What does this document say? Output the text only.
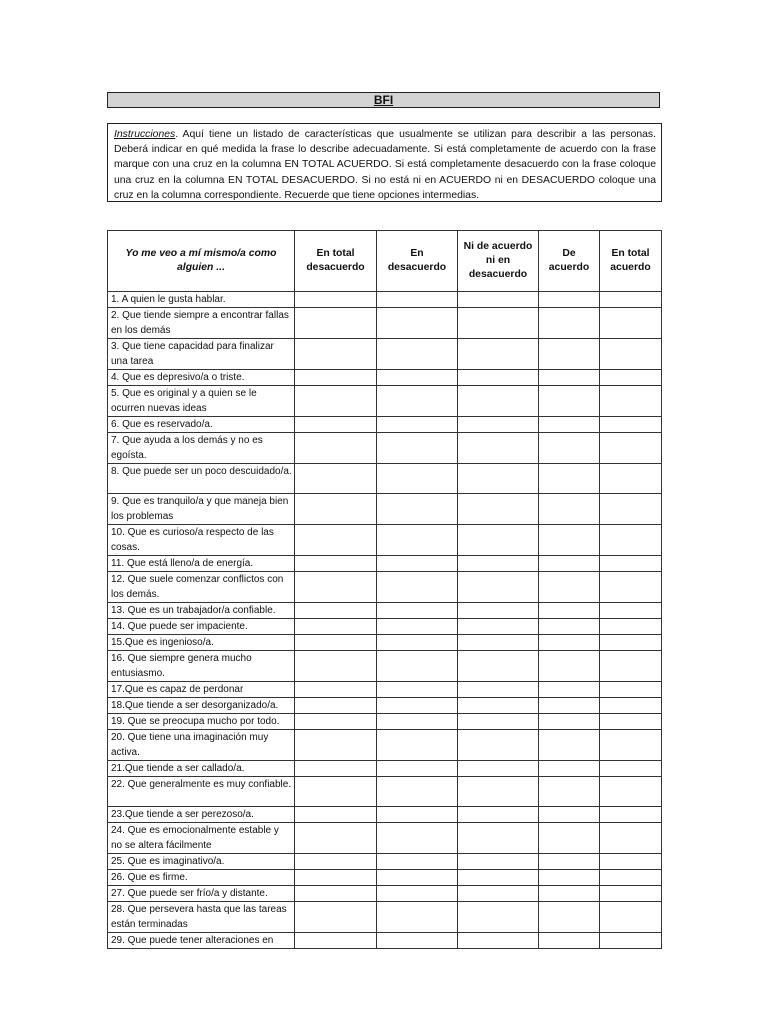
BFI
Instrucciones. Aquí tiene un listado de características que usualmente se utilizan para describir a las personas. Deberá indicar en qué medida la frase lo describe adecuadamente. Si está completamente de acuerdo con la frase marque con una cruz en la columna EN TOTAL ACUERDO. Si está completamente desacuerdo con la frase coloque una cruz en la columna EN TOTAL DESACUERDO. Si no está ni en ACUERDO ni en DESACUERDO coloque una cruz en la columna correspondiente. Recuerde que tiene opciones intermedias.
Yo me veo a mí mismo/a como alguien ...	En total desacuerdo	En desacuerdo	Ni de acuerdo ni en desacuerdo	De acuerdo	En total acuerdo
1. A quien le gusta hablar.					
2. Que tiende siempre a encontrar fallas en los demás					
3. Que tiene capacidad para finalizar una tarea					
4. Que es depresivo/a o triste.					
5. Que es original y a quien se le ocurren nuevas ideas					
6. Que es reservado/a.					
7. Que ayuda a los demás y no es egoísta.					
8. Que puede ser un poco descuidado/a.					
9. Que es tranquilo/a y que maneja bien los problemas					
10. Que es curioso/a respecto de las cosas.					
11. Que está lleno/a de energía.					
12. Que suele comenzar conflictos con los demás.					
13. Que es un trabajador/a confiable.					
14. Que puede ser impaciente.					
15.Que es ingenioso/a.					
16. Que siempre genera mucho entusiasmo.					
17.Que es capaz de perdonar					
18.Que tiende a ser desorganizado/a.					
19. Que se preocupa mucho por todo.					
20. Que tiene una imaginación muy activa.					
21.Que tiende a ser callado/a.					
22. Que generalmente es muy confiable.					
23.Que tiende a ser perezoso/a.					
24. Que es emocionalmente estable y no se altera fácilmente					
25. Que es imaginativo/a.					
26. Que es firme.					
27. Que puede ser frío/a y distante.					
28. Que persevera hasta que las tareas están terminadas					
29. Que puede tener alteraciones en					
